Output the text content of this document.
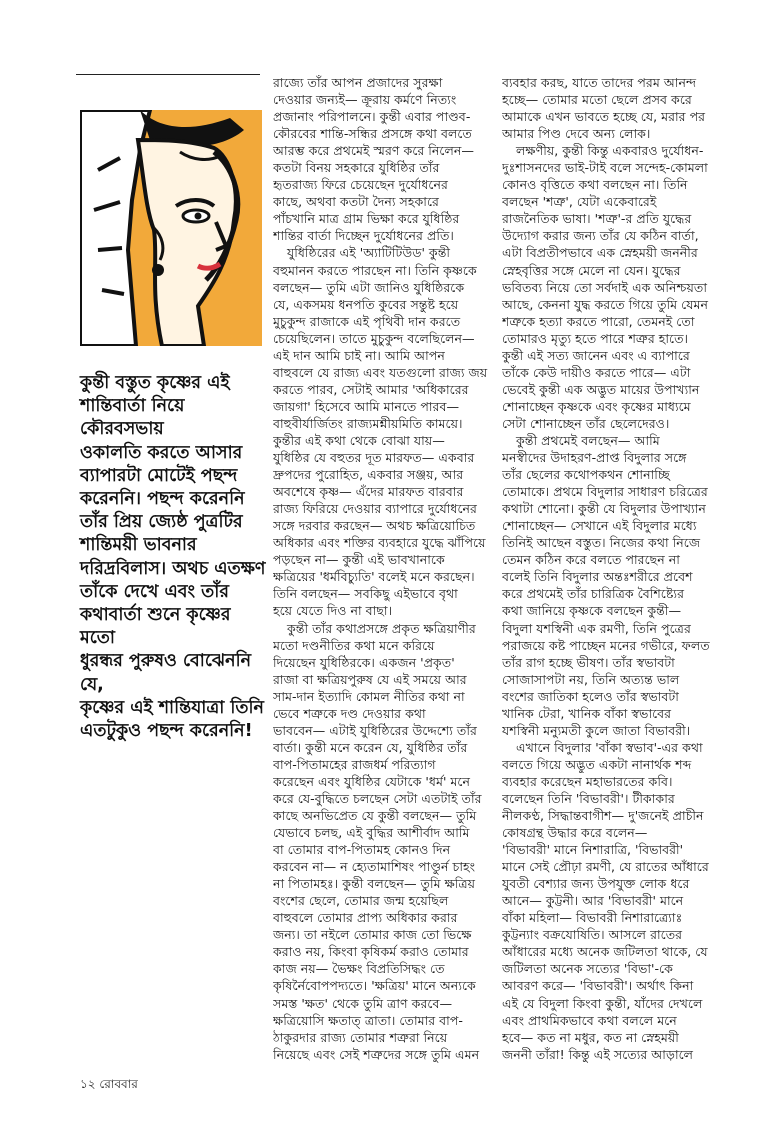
কুন্তী বস্তুত কৃষ্ণের এই
শান্তিবার্তা নিয়ে কৌরবসভায়
ওকালতি করতে আসার
ব্যাপারটা মোটেই পছন্দ
করেননি। পছন্দ করেননি
তাঁর প্রিয় জ্যেষ্ঠ পুত্রটির
শান্তিময়ী ভাবনার
দরিদ্রবিলাস। অথচ এতক্ষণ
তাঁকে দেখে এবং তাঁর
কথাবার্তা শুনে কৃষ্ণের মতো
ধুরন্ধর পুরুষও বোঝেননি যে,
কৃষ্ণের এই শান্তিযাত্রা তিনি
এতটুকুও পছন্দ করেননি!
রাজ্যে তাঁর আপন প্রজাদের সুরক্ষা
দেওয়ার জন্যই— ক্রূরায় কর্মণে নিত্যং
প্রজানাং পরিপালনে। কুন্তী এবার পাণ্ডব-
কৌরবের শান্তি-সন্ধির প্রসঙ্গে কথা বলতে
আরম্ভ করে প্রথমেই স্মরণ করে নিলেন—
কতটা বিনয় সহকারে যুধিষ্ঠির তাঁর
হৃতরাজ্য ফিরে চেয়েছেন দুর্যোধনের
কাছে, অথবা কতটা দৈন্য সহকারে
পাঁচখানি মাত্র গ্রাম ভিক্ষা করে যুধিষ্ঠির
শান্তির বার্তা দিচ্ছেন দুর্যোধনের প্রতি।
যুধিষ্ঠিরের এই 'অ্যাটিটিউড' কুন্তী
বহুমানন করতে পারছেন না। তিনি কৃষ্ণকে
বলছেন— তুমি এটা জানিও যুধিষ্ঠিরকে
যে, একসময় ধনপতি কুবের সন্তুষ্ট হয়ে
মুচুকুন্দ রাজাকে এই পৃথিবী দান করতে
চেয়েছিলেন। তাতে মুচুকুন্দ বলেছিলেন—
এই দান আমি চাই না। আমি আপন
বাহুবলে যে রাজ্য এবং যতগুলো রাজ্য জয়
করতে পারব, সেটাই আমার 'অধিকারের
জায়গা' হিসেবে আমি মানতে পারব—
বাহুবীর্যার্জিতং রাজ্যমশ্নীয়মিতি কাময়ে।
কুন্তীর এই কথা থেকে বোঝা যায়—
যুধিষ্ঠির যে বহুতর দূত মারফত— একবার
দ্রুপদের পুরোহিত, একবার সঞ্জয়, আর
অবশেষে কৃষ্ণ— এঁদের মারফত বারবার
রাজ্য ফিরিয়ে দেওয়ার ব্যাপারে দুর্যোধনের
সঙ্গে দরবার করছেন— অথচ ক্ষত্রিয়োচিত
অধিকার এবং শক্তির ব্যবহারে যুদ্ধে ঝাঁপিয়ে
পড়ছেন না— কুন্তী এই ভাবখানাকে
ক্ষত্রিয়ের 'ধর্মবিচ্যুতি' বলেই মনে করছেন।
তিনি বলছেন— সবকিছু এইভাবে বৃথা
হয়ে যেতে দিও না বাছা।
কুন্তী তাঁর কথাপ্রসঙ্গে প্রকৃত ক্ষত্রিয়াণীর
মতো দণ্ডনীতির কথা মনে করিয়ে
দিয়েছেন যুধিষ্ঠিরকে। একজন 'প্রকৃত'
রাজা বা ক্ষত্রিয়পুরুষ যে এই সময়ে আর
সাম-দান ইত্যাদি কোমল নীতির কথা না
ভেবে শত্রুকে দণ্ড দেওয়ার কথা
ভাববেন— এটাই যুধিষ্ঠিরের উদ্দেশ্যে তাঁর
বার্তা। কুন্তী মনে করেন যে, যুধিষ্ঠির তাঁর
বাপ-পিতামহের রাজধর্ম পরিত্যাগ
করেছেন এবং যুধিষ্ঠির যেটাকে 'ধর্ম' মনে
করে যে-বুদ্ধিতে চলছেন সেটা এতটাই তাঁর
কাছে অনভিপ্রেত যে কুন্তী বলছেন— তুমি
যেভাবে চলছ, এই বুদ্ধির আশীর্বাদ আমি
বা তোমার বাপ-পিতামহ কোনও দিন
করবেন না— ন হ্যেতামাশিষং পাণ্ডুর্ন চাহং
না পিতামহঃ। কুন্তী বলছেন— তুমি ক্ষত্রিয়
বংশের ছেলে, তোমার জন্ম হয়েছিল
বাহুবলে তোমার প্রাপ্য অধিকার করার
জন্য। তা নইলে তোমার কাজ তো ভিক্ষে
করাও নয়, কিংবা কৃষিকর্ম করাও তোমার
কাজ নয়— ভৈক্ষং বিপ্রতিসিদ্ধং তে
কৃষির্নৈবোপপদ্যতে। 'ক্ষত্রিয়' মানে অন্যকে
সমস্ত 'ক্ষত' থেকে তুমি ত্রাণ করবে—
ক্ষত্রিয়োসি ক্ষতাত্ ত্রাতা। তোমার বাপ-
ঠাকুরদার রাজ্য তোমার শত্রুরা নিয়ে
নিয়েছে এবং সেই শত্রুদের সঙ্গে তুমি এমন
ব্যবহার করছ, যাতে তাদের পরম আনন্দ
হচ্ছে— তোমার মতো ছেলে প্রসব করে
আমাকে এখন ভাবতে হচ্ছে যে, মরার পর
আমার পিণ্ড দেবে অন্য লোক।
লক্ষণীয়, কুন্তী কিন্তু একবারও দুর্যোধন-
দুঃশাসনদের ভাই-টাই বলে সন্দেহ-কোমলা
কোনও বৃত্তিতে কথা বলছেন না। তিনি
বলছেন 'শত্রু', যেটা একেবারেই
রাজনৈতিক ভাষা। 'শত্রু'-র প্রতি যুদ্ধের
উদ্যোগ করার জন্য তাঁর যে কঠিন বার্তা,
এটা বিপ্রতীপভাবে এক স্নেহময়ী জননীর
স্নেহবৃত্তির সঙ্গে মেলে না যেন। যুদ্ধের
ভবিতব্য নিয়ে তো সর্বদাই এক অনিশ্চয়তা
আছে, কেননা যুদ্ধ করতে গিয়ে তুমি যেমন
শত্রুকে হত্যা করতে পারো, তেমনই তো
তোমারও মৃত্যু হতে পারে শত্রুর হাতে।
কুন্তী এই সত্য জানেন এবং এ ব্যাপারে
তাঁকে কেউ দায়ীও করতে পারে— এটা
ভেবেই কুন্তী এক অদ্ভুত মায়ের উপাখ্যান
শোনাচ্ছেন কৃষ্ণকে এবং কৃষ্ণের মাধ্যমে
সেটা শোনাচ্ছেন তাঁর ছেলেদেরও।
কুন্তী প্রথমেই বলছেন— আমি
মনস্বীদের উদাহরণ-প্রাপ্ত বিদুলার সঙ্গে
তাঁর ছেলের কথোপকথন শোনাচ্ছি
তোমাকে। প্রথমে বিদুলার সাধারণ চরিত্রের
কথাটা শোনো। কুন্তী যে বিদুলার উপাখ্যান
শোনাচ্ছেন— সেখানে এই বিদুলার মধ্যে
তিনিই আছেন বস্তুত। নিজের কথা নিজে
তেমন কঠিন করে বলতে পারছেন না
বলেই তিনি বিদুলার অন্তঃশরীরে প্রবেশ
করে প্রথমেই তাঁর চারিত্রিক বৈশিষ্ট্যের
কথা জানিয়ে কৃষ্ণকে বলছেন কুন্তী—
বিদুলা যশস্বিনী এক রমণী, তিনি পুত্রের
পরাজয়ে কষ্ট পাচ্ছেন মনের গভীরে, ফলত
তাঁর রাগ হচ্ছে ভীষণ। তাঁর স্বভাবটা
সোজাসাপটা নয়, তিনি অত্যন্ত ভাল
বংশের জাতিকা হলেও তাঁর স্বভাবটা
খানিক টেরা, খানিক বাঁকা স্বভাবের
যশস্বিনী মন্যুমতী কুলে জাতা বিভাবরী।
এখানে বিদুলার 'বাঁকা স্বভাব'-এর কথা
বলতে গিয়ে অদ্ভুত একটা নানার্থক শব্দ
ব্যবহার করেছেন মহাভারতের কবি।
বলেছেন তিনি 'বিভাবরী'। টীকাকার
নীলকণ্ঠ, সিদ্ধান্তবাগীশ— দু'জনেই প্রাচীন
কোষগ্রন্থ উদ্ধার করে বলেন—
'বিভাবরী' মানে নিশারাত্রি, 'বিভাবরী'
মানে সেই প্রৌঢ়া রমণী, যে রাতের আঁধারে
যুবতী বেশ্যার জন্য উপযুক্ত লোক ধরে
আনে— কুট্টনী। আর 'বিভাবরী' মানে
বাঁকা মহিলা— বিভাবরী নিশারাত্র্যোঃ
কুট্টন্যাং বক্রযোষিতি। আসলে রাতের
আঁধারের মধ্যে অনেক জটিলতা থাকে, যে
জটিলতা অনেক সত্যের 'বিভা'-কে
আবরণ করে— 'বিভাবরী'। অর্থাৎ কিনা
এই যে বিদুলা কিংবা কুন্তী, যাঁদের দেখলে
এবং প্রাথমিকভাবে কথা বললে মনে
হবে— কত না মধুর, কত না স্নেহময়ী
জননী তাঁরা! কিন্তু এই সত্যের আড়ালে
১২ রোববার
